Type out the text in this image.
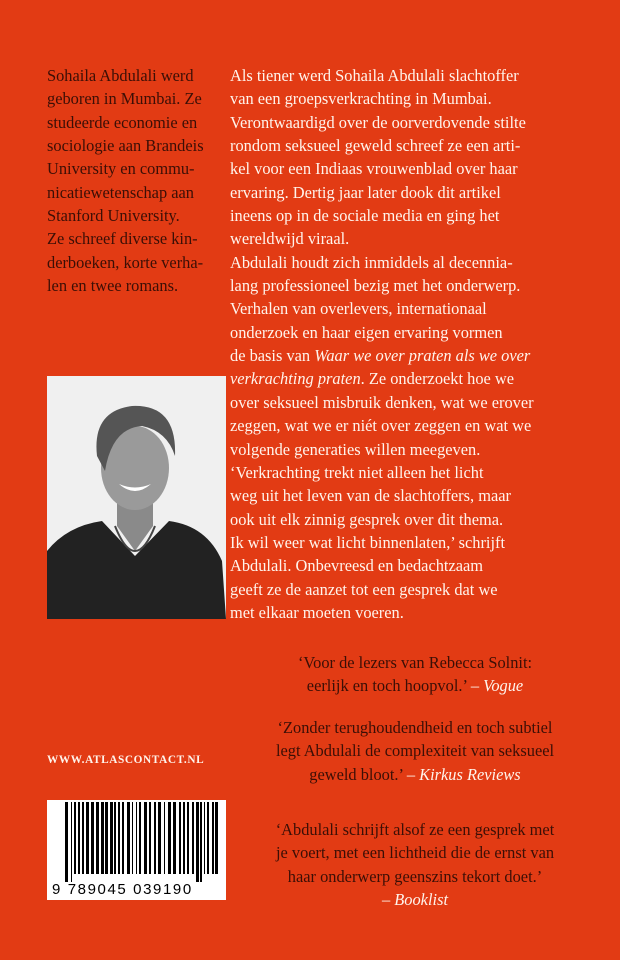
Sohaila Abdulali werd
geboren in Mumbai. Ze
studeerde economie en
sociologie aan Brandeis
University en commu-
nicatiewetenschap aan
Stanford University.
Ze schreef diverse kin-
derboeken, korte verha-
len en twee romans.
Als tiener werd Sohaila Abdulali slachtoffer
van een groepsverkrachting in Mumbai.
Verontwaardigd over de oorverdovende stilte
rondom seksueel geweld schreef ze een arti-
kel voor een Indiaas vrouwenblad over haar
ervaring. Dertig jaar later dook dit artikel
ineens op in de sociale media en ging het
wereldwijd viraal.
Abdulali houdt zich inmiddels al decennia-
lang professioneel bezig met het onderwerp.
Verhalen van overlevers, internationaal
onderzoek en haar eigen ervaring vormen
de basis van Waar we over praten als we over
verkrachting praten. Ze onderzoekt hoe we
over seksueel misbruik denken, wat we erover
zeggen, wat we er niét over zeggen en wat we
volgende generaties willen meegeven.
‘Verkrachting trekt niet alleen het licht
weg uit het leven van de slachtoffers, maar
ook uit elk zinnig gesprek over dit thema.
Ik wil weer wat licht binnenlaten,’ schrijft
Abdulali. Onbevreesd en bedachtzaam
geeft ze de aanzet tot een gesprek dat we
met elkaar moeten voeren.
‘Voor de lezers van Rebecca Solnit:
eerlijk en toch hoopvol.’ – Vogue
‘Zonder terughoudendheid en toch subtiel
legt Abdulali de complexiteit van seksueel
geweld bloot.’ – Kirkus Reviews
‘Abdulali schrijft alsof ze een gesprek met
je voert, met een lichtheid die de ernst van
haar onderwerp geenszins tekort doet.’
– Booklist
WWW.ATLASCONTACT.NL
9 789045 039190
